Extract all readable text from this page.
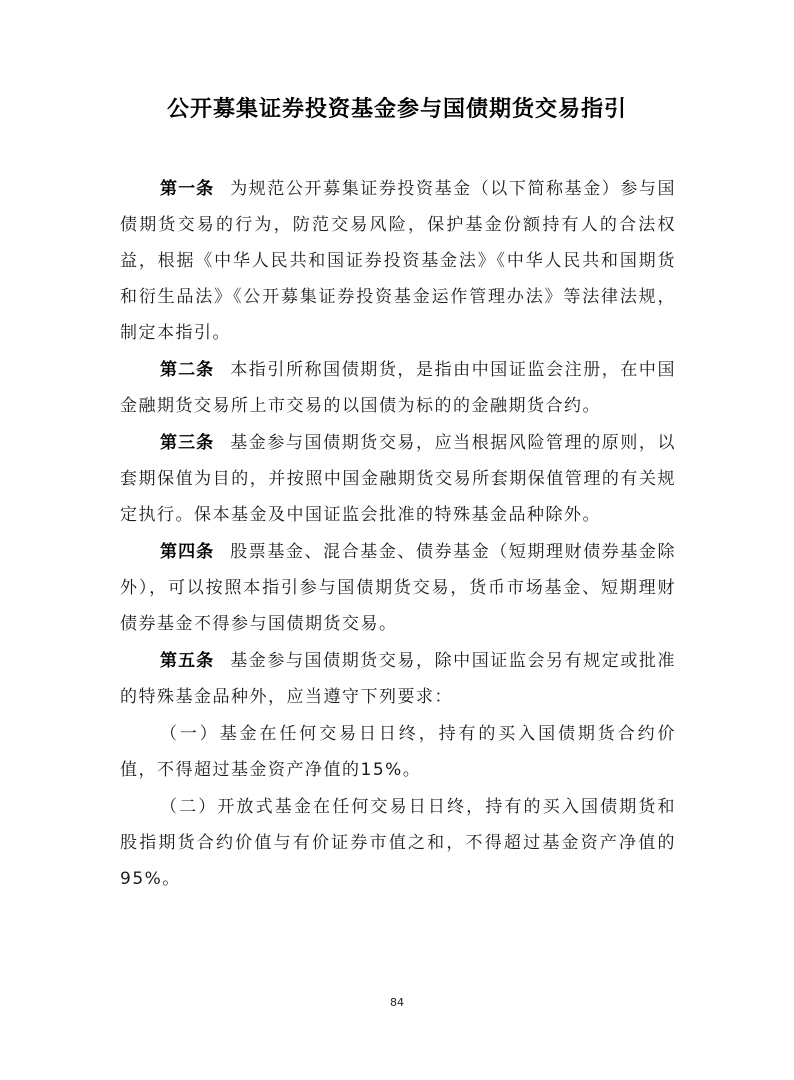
公开募集证券投资基金参与国债期货交易指引

第一条 为规范公开募集证券投资基金（以下简称基金）参与国债期货交易的行为，防范交易风险，保护基金份额持有人的合法权益，根据《中华人民共和国证券投资基金法》《中华人民共和国期货和衍生品法》《公开募集证券投资基金运作管理办法》等法律法规，制定本指引。

第二条 本指引所称国债期货，是指由中国证监会注册，在中国金融期货交易所上市交易的以国债为标的的金融期货合约。

第三条 基金参与国债期货交易，应当根据风险管理的原则，以套期保值为目的，并按照中国金融期货交易所套期保值管理的有关规定执行。保本基金及中国证监会批准的特殊基金品种除外。

第四条 股票基金、混合基金、债券基金（短期理财债券基金除外），可以按照本指引参与国债期货交易，货币市场基金、短期理财债券基金不得参与国债期货交易。

第五条 基金参与国债期货交易，除中国证监会另有规定或批准的特殊基金品种外，应当遵守下列要求：

（一）基金在任何交易日日终，持有的买入国债期货合约价值，不得超过基金资产净值的15%。

（二）开放式基金在任何交易日日终，持有的买入国债期货和股指期货合约价值与有价证券市值之和，不得超过基金资产净值的95%。

84
